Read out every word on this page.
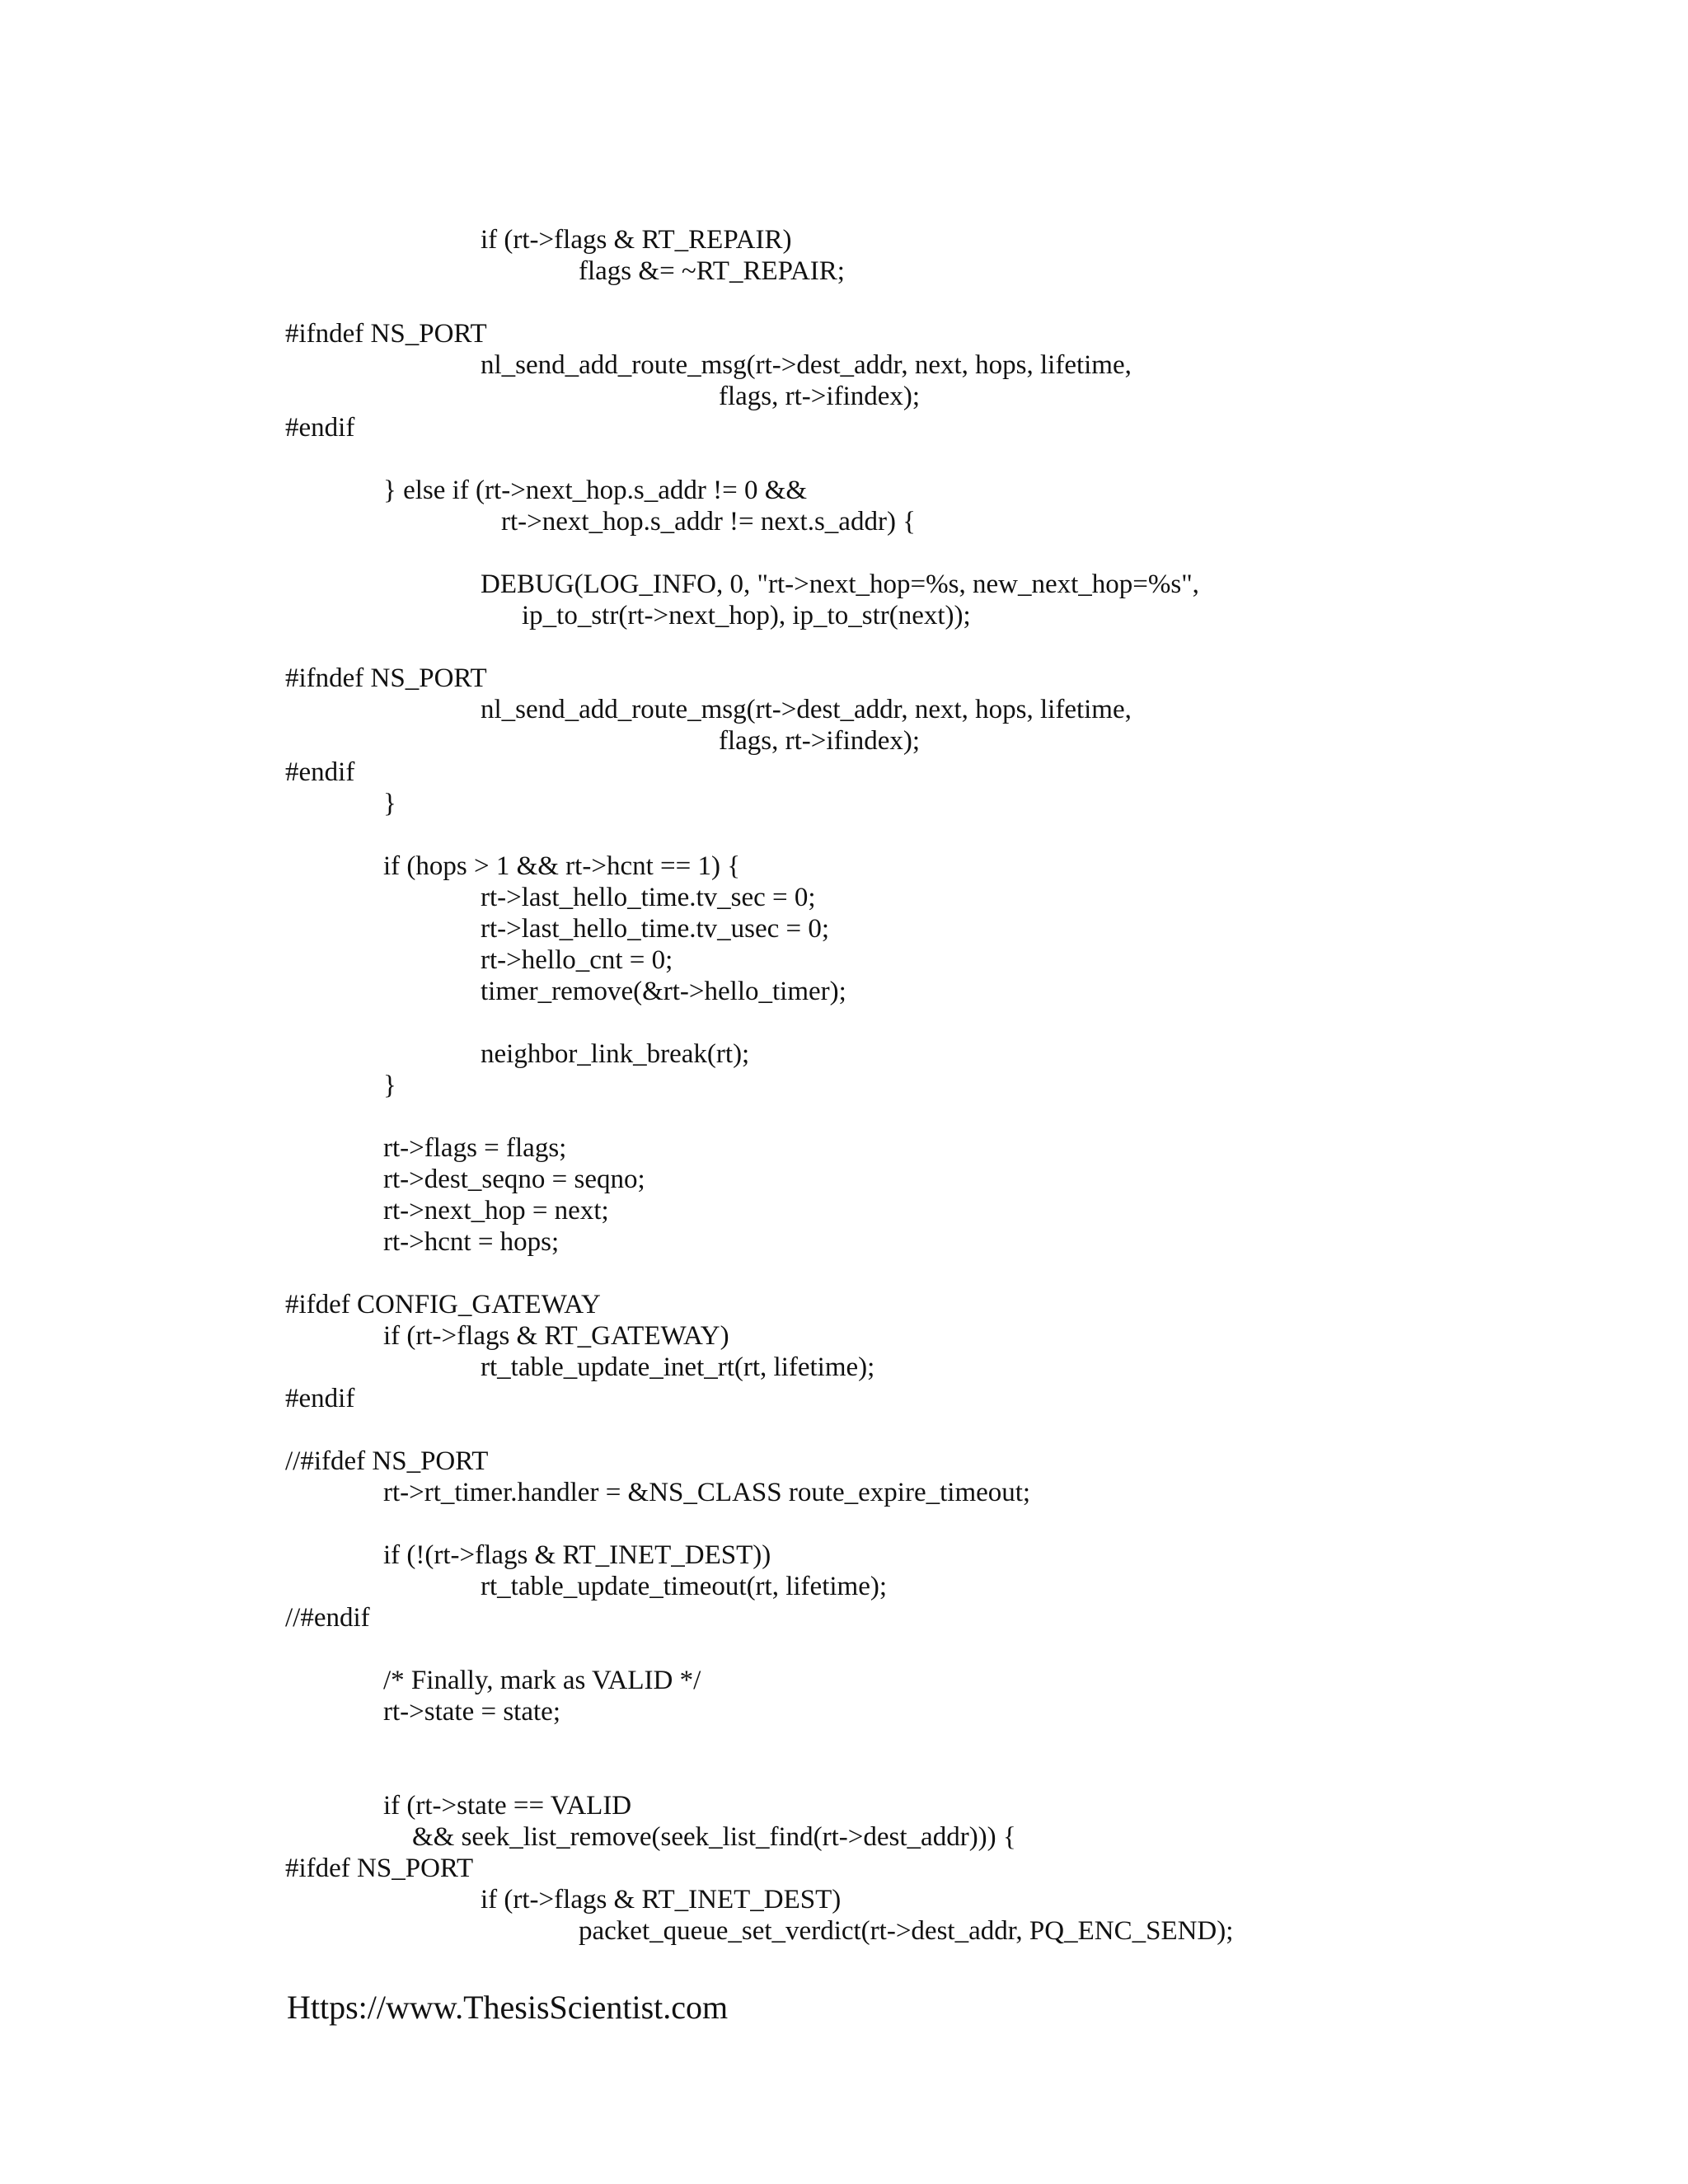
if (rt->flags & RT_REPAIR)
flags &= ~RT_REPAIR;
#ifndef NS_PORT
nl_send_add_route_msg(rt->dest_addr, next, hops, lifetime,
flags, rt->ifindex);
#endif
} else if (rt->next_hop.s_addr != 0 &&
rt->next_hop.s_addr != next.s_addr) {
DEBUG(LOG_INFO, 0, "rt->next_hop=%s, new_next_hop=%s",
ip_to_str(rt->next_hop), ip_to_str(next));
#ifndef NS_PORT
nl_send_add_route_msg(rt->dest_addr, next, hops, lifetime,
flags, rt->ifindex);
#endif
}
if (hops > 1 && rt->hcnt == 1) {
rt->last_hello_time.tv_sec = 0;
rt->last_hello_time.tv_usec = 0;
rt->hello_cnt = 0;
timer_remove(&rt->hello_timer);
neighbor_link_break(rt);
}
rt->flags = flags;
rt->dest_seqno = seqno;
rt->next_hop = next;
rt->hcnt = hops;
#ifdef CONFIG_GATEWAY
if (rt->flags & RT_GATEWAY)
rt_table_update_inet_rt(rt, lifetime);
#endif
//#ifdef NS_PORT
rt->rt_timer.handler = &NS_CLASS route_expire_timeout;
if (!(rt->flags & RT_INET_DEST))
rt_table_update_timeout(rt, lifetime);
//#endif
/* Finally, mark as VALID */
rt->state = state;
if (rt->state == VALID
&& seek_list_remove(seek_list_find(rt->dest_addr))) {
#ifdef NS_PORT
if (rt->flags & RT_INET_DEST)
packet_queue_set_verdict(rt->dest_addr, PQ_ENC_SEND);
Https://www.ThesisScientist.com
